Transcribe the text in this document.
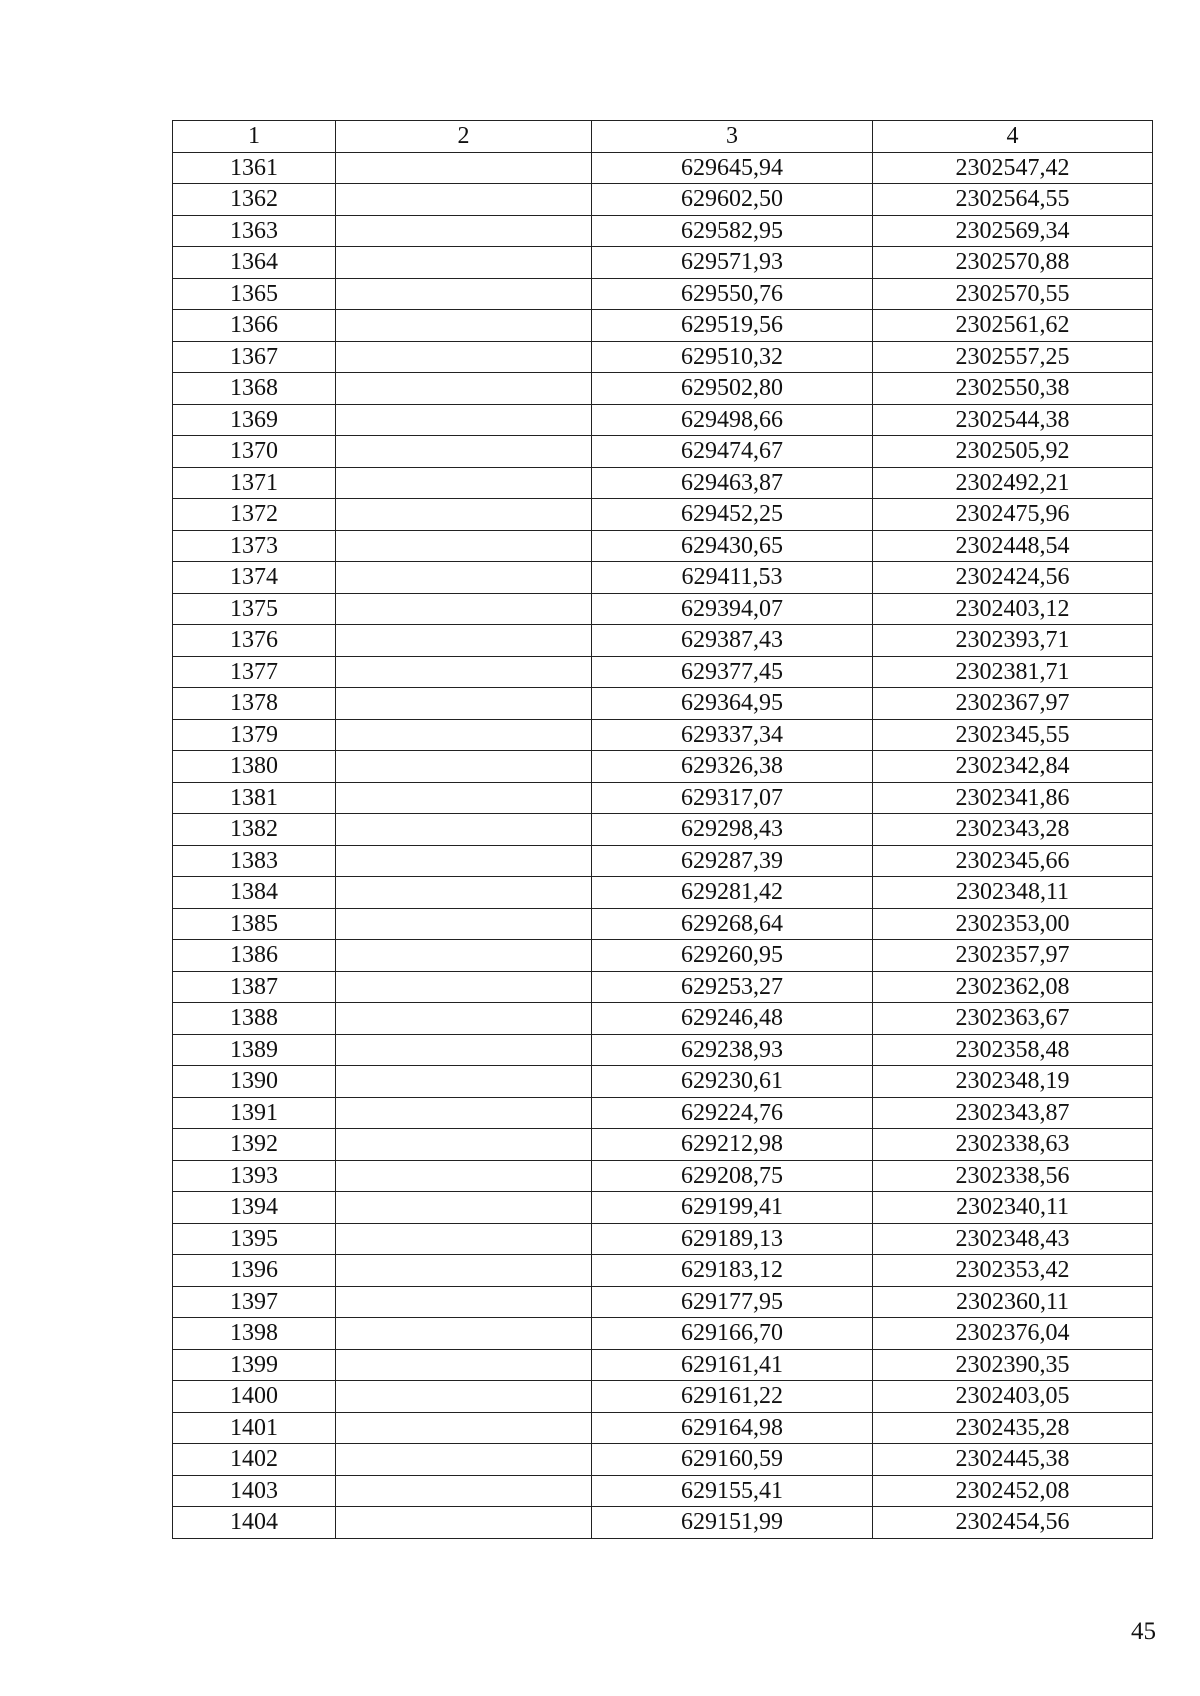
1	2	3	4
1361		629645,94	2302547,42
1362		629602,50	2302564,55
1363		629582,95	2302569,34
1364		629571,93	2302570,88
1365		629550,76	2302570,55
1366		629519,56	2302561,62
1367		629510,32	2302557,25
1368		629502,80	2302550,38
1369		629498,66	2302544,38
1370		629474,67	2302505,92
1371		629463,87	2302492,21
1372		629452,25	2302475,96
1373		629430,65	2302448,54
1374		629411,53	2302424,56
1375		629394,07	2302403,12
1376		629387,43	2302393,71
1377		629377,45	2302381,71
1378		629364,95	2302367,97
1379		629337,34	2302345,55
1380		629326,38	2302342,84
1381		629317,07	2302341,86
1382		629298,43	2302343,28
1383		629287,39	2302345,66
1384		629281,42	2302348,11
1385		629268,64	2302353,00
1386		629260,95	2302357,97
1387		629253,27	2302362,08
1388		629246,48	2302363,67
1389		629238,93	2302358,48
1390		629230,61	2302348,19
1391		629224,76	2302343,87
1392		629212,98	2302338,63
1393		629208,75	2302338,56
1394		629199,41	2302340,11
1395		629189,13	2302348,43
1396		629183,12	2302353,42
1397		629177,95	2302360,11
1398		629166,70	2302376,04
1399		629161,41	2302390,35
1400		629161,22	2302403,05
1401		629164,98	2302435,28
1402		629160,59	2302445,38
1403		629155,41	2302452,08
1404		629151,99	2302454,56
45
